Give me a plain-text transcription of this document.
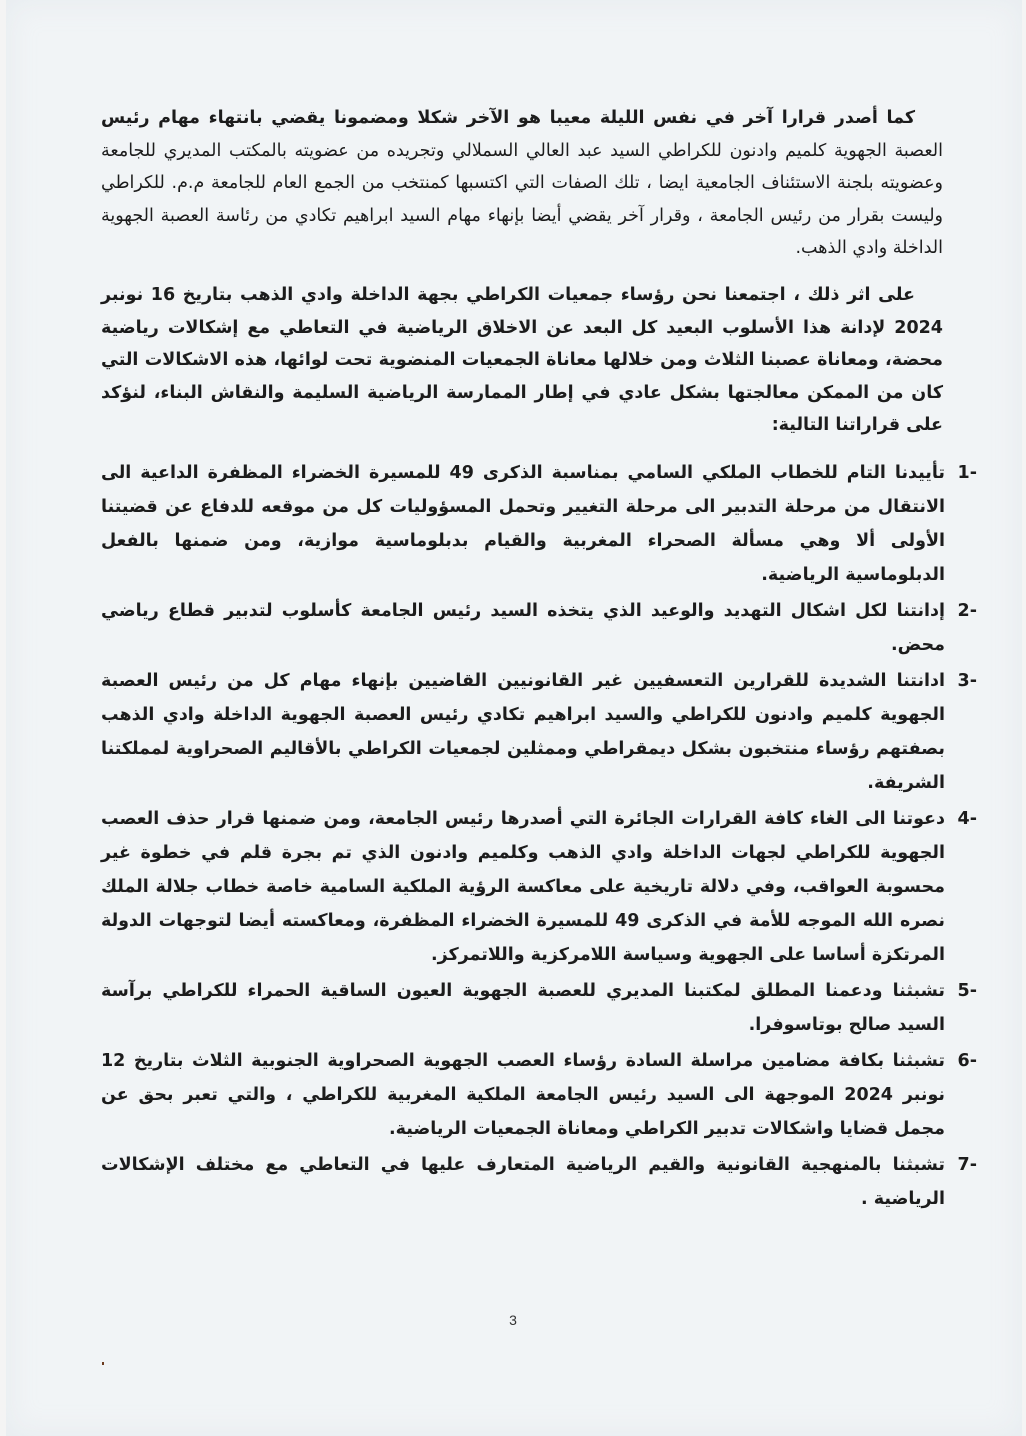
كما أصدر قرارا آخر في نفس الليلة معيبا هو الآخر شكلا ومضمونا يقضي بانتهاء مهام رئيس العصبة الجهوية كلميم وادنون للكراطي السيد عبد العالي السملالي وتجريده من عضويته بالمكتب المديري للجامعة وعضويته بلجنة الاستئناف الجامعية ايضا ، تلك الصفات التي اكتسبها كمنتخب من الجمع العام للجامعة م.م. للكراطي وليست بقرار من رئيس الجامعة ، وقرار آخر يقضي أيضا بإنهاء مهام السيد ابراهيم تكادي من رئاسة العصبة الجهوية الداخلة وادي الذهب.

على اثر ذلك ، اجتمعنا نحن رؤساء جمعيات الكراطي بجهة الداخلة وادي الذهب بتاريخ 16 نونبر 2024 لإدانة هذا الأسلوب البعيد كل البعد عن الاخلاق الرياضية في التعاطي مع إشكالات رياضية محضة، ومعاناة عصبنا الثلاث ومن خلالها معاناة الجمعيات المنضوية تحت لوائها، هذه الاشكالات التي كان من الممكن معالجتها بشكل عادي في إطار الممارسة الرياضية السليمة والنقاش البناء، لنؤكد على قراراتنا التالية:

1-
تأييدنا التام للخطاب الملكي السامي بمناسبة الذكرى 49 للمسيرة الخضراء المظفرة الداعية الى الانتقال من مرحلة التدبير الى مرحلة التغيير وتحمل المسؤوليات كل من موقعه للدفاع عن قضيتنا الأولى ألا وهي مسألة الصحراء المغربية والقيام بدبلوماسية موازية، ومن ضمنها بالفعل الدبلوماسية الرياضية.
2-
إدانتنا لكل اشكال التهديد والوعيد الذي يتخذه السيد رئيس الجامعة كأسلوب لتدبير قطاع رياضي محض.
3-
ادانتنا الشديدة للقرارين التعسفيين غير القانونيين القاضيين بإنهاء مهام كل من رئيس العصبة الجهوية كلميم وادنون للكراطي والسيد ابراهيم تكادي رئيس العصبة الجهوية الداخلة وادي الذهب بصفتهم رؤساء منتخبون بشكل ديمقراطي وممثلين لجمعيات الكراطي بالأقاليم الصحراوية لمملكتنا الشريفة.
4-
دعوتنا الى الغاء كافة القرارات الجائرة التي أصدرها رئيس الجامعة، ومن ضمنها قرار حذف العصب الجهوية للكراطي لجهات الداخلة وادي الذهب وكلميم وادنون الذي تم بجرة قلم في خطوة غير محسوبة العواقب، وفي دلالة تاريخية على معاكسة الرؤية الملكية السامية خاصة خطاب جلالة الملك نصره الله الموجه للأمة في الذكرى 49 للمسيرة الخضراء المظفرة، ومعاكسته أيضا لتوجهات الدولة المرتكزة أساسا على الجهوية وسياسة اللامركزية واللاتمركز.
5-
تشبثنا ودعمنا المطلق لمكتبنا المديري للعصبة الجهوية العيون الساقية الحمراء للكراطي برآسة السيد صالح بوتاسوفرا.
6-
تشبثنا بكافة مضامين مراسلة السادة رؤساء العصب الجهوية الصحراوية الجنوبية الثلاث بتاريخ 12 نونبر 2024 الموجهة الى السيد رئيس الجامعة الملكية المغربية للكراطي ، والتي تعبر بحق عن مجمل قضايا واشكالات تدبير الكراطي ومعاناة الجمعيات الرياضية.
7-
تشبثنا بالمنهجية القانونية والقيم الرياضية المتعارف عليها في التعاطي مع مختلف الإشكالات الرياضية .
3
